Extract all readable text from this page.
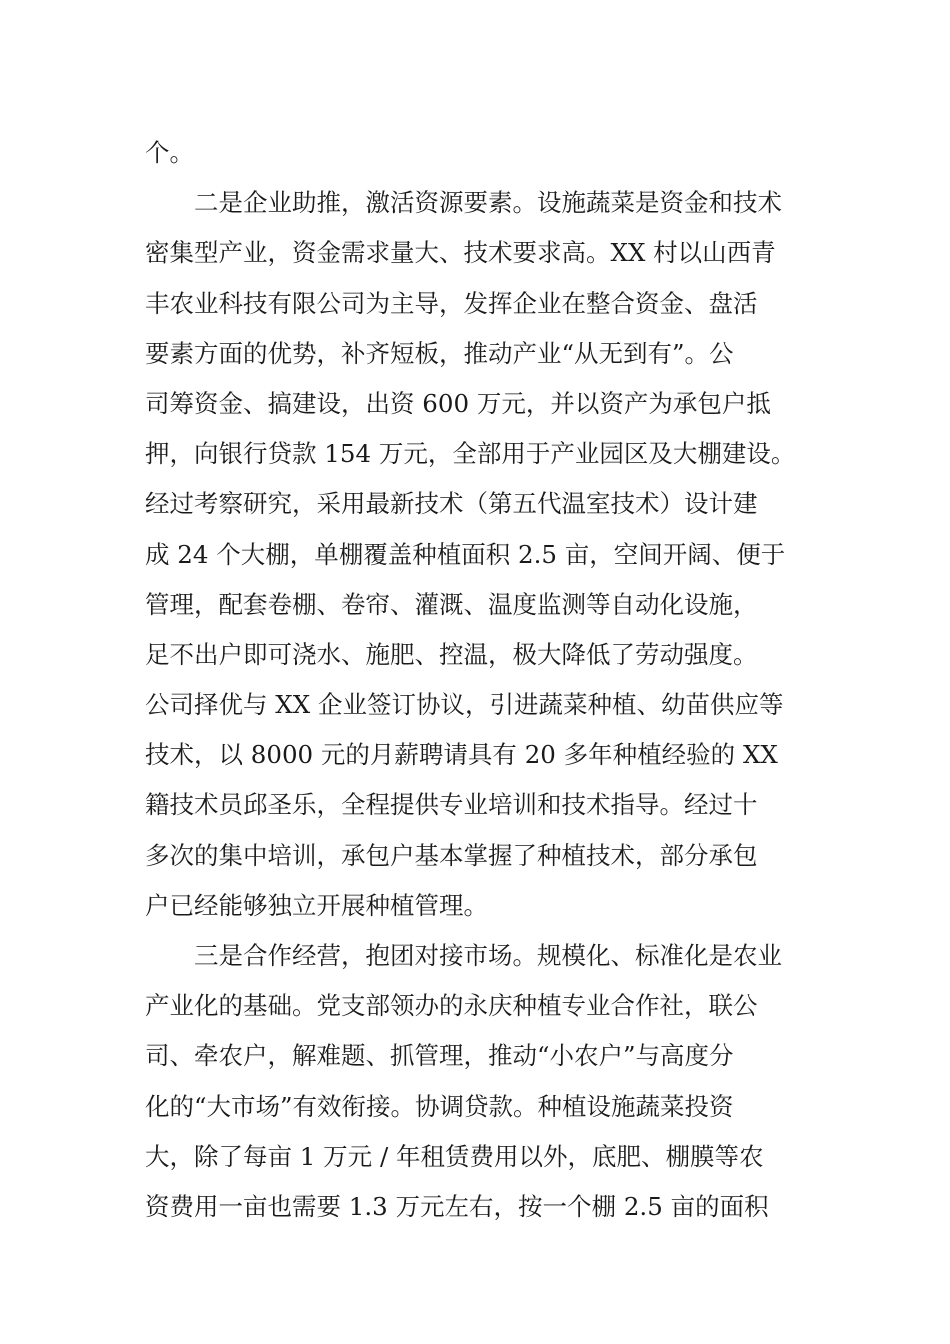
个。
二是企业助推，激活资源要素。设施蔬菜是资金和技术
密集型产业，资金需求量大、技术要求高。XX 村以山西青
丰农业科技有限公司为主导，发挥企业在整合资金、盘活
要素方面的优势，补齐短板，推动产业“从无到有”。公
司筹资金、搞建设，出资 600 万元，并以资产为承包户抵
押，向银行贷款 154 万元，全部用于产业园区及大棚建设。
经过考察研究，采用最新技术（第五代温室技术）设计建
成 24 个大棚，单棚覆盖种植面积 2.5 亩，空间开阔、便于
管理，配套卷棚、卷帘、灌溉、温度监测等自动化设施，
足不出户即可浇水、施肥、控温，极大降低了劳动强度。
公司择优与 XX 企业签订协议，引进蔬菜种植、幼苗供应等
技术，以 8000 元的月薪聘请具有 20 多年种植经验的 XX
籍技术员邱圣乐，全程提供专业培训和技术指导。经过十
多次的集中培训，承包户基本掌握了种植技术，部分承包
户已经能够独立开展种植管理。
三是合作经营，抱团对接市场。规模化、标准化是农业
产业化的基础。党支部领办的永庆种植专业合作社，联公
司、牵农户，解难题、抓管理，推动“小农户”与高度分
化的“大市场”有效衔接。协调贷款。种植设施蔬菜投资
大，除了每亩 1 万元 / 年租赁费用以外，底肥、棚膜等农
资费用一亩也需要 1.3 万元左右，按一个棚 2.5 亩的面积
